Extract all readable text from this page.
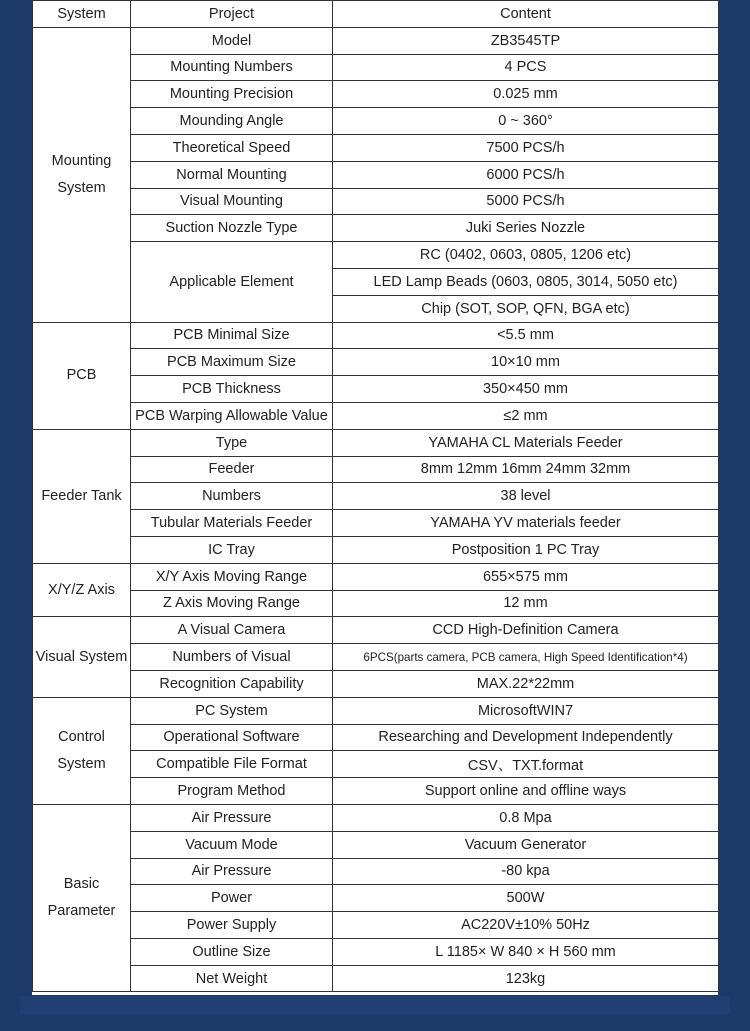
System	Project	Content
Mounting System	Model	ZB3545TP
	Mounting Numbers	4 PCS
	Mounting Precision	0.025 mm
	Mounding Angle	0 ~ 360°
	Theoretical Speed	7500 PCS/h
	Normal Mounting	6000 PCS/h
	Visual Mounting	5000 PCS/h
	Suction Nozzle Type	Juki Series Nozzle
	Applicable Element	RC (0402, 0603, 0805, 1206 etc)
		LED Lamp Beads (0603, 0805, 3014, 5050 etc)
		Chip (SOT, SOP, QFN, BGA etc)
PCB	PCB Minimal Size	<5.5 mm
	PCB Maximum Size	10×10 mm
	PCB Thickness	350×450 mm
	PCB Warping Allowable Value	≤2 mm
Feeder Tank	Type	YAMAHA CL Materials Feeder
	Feeder	8mm 12mm 16mm 24mm 32mm
	Numbers	38 level
	Tubular Materials Feeder	YAMAHA YV materials feeder
	IC Tray	Postposition 1 PC Tray
X/Y/Z Axis	X/Y Axis Moving Range	655×575 mm
	Z Axis Moving Range	12 mm
Visual System	A Visual Camera	CCD High-Definition Camera
	Numbers of Visual	6PCS(parts camera, PCB camera, High Speed Identification*4)
	Recognition Capability	MAX.22*22mm
Control System	PC System	MicrosoftWIN7
	Operational Software	Researching and Development Independently
	Compatible File Format	CSV、TXT.format
	Program Method	Support online and offline ways
Basic Parameter	Air Pressure	0.8 Mpa
	Vacuum Mode	Vacuum Generator
	Air Pressure	-80 kpa
	Power	500W
	Power Supply	AC220V±10% 50Hz
	Outline Size	L 1185× W 840 × H 560 mm
	Net Weight	123kg
